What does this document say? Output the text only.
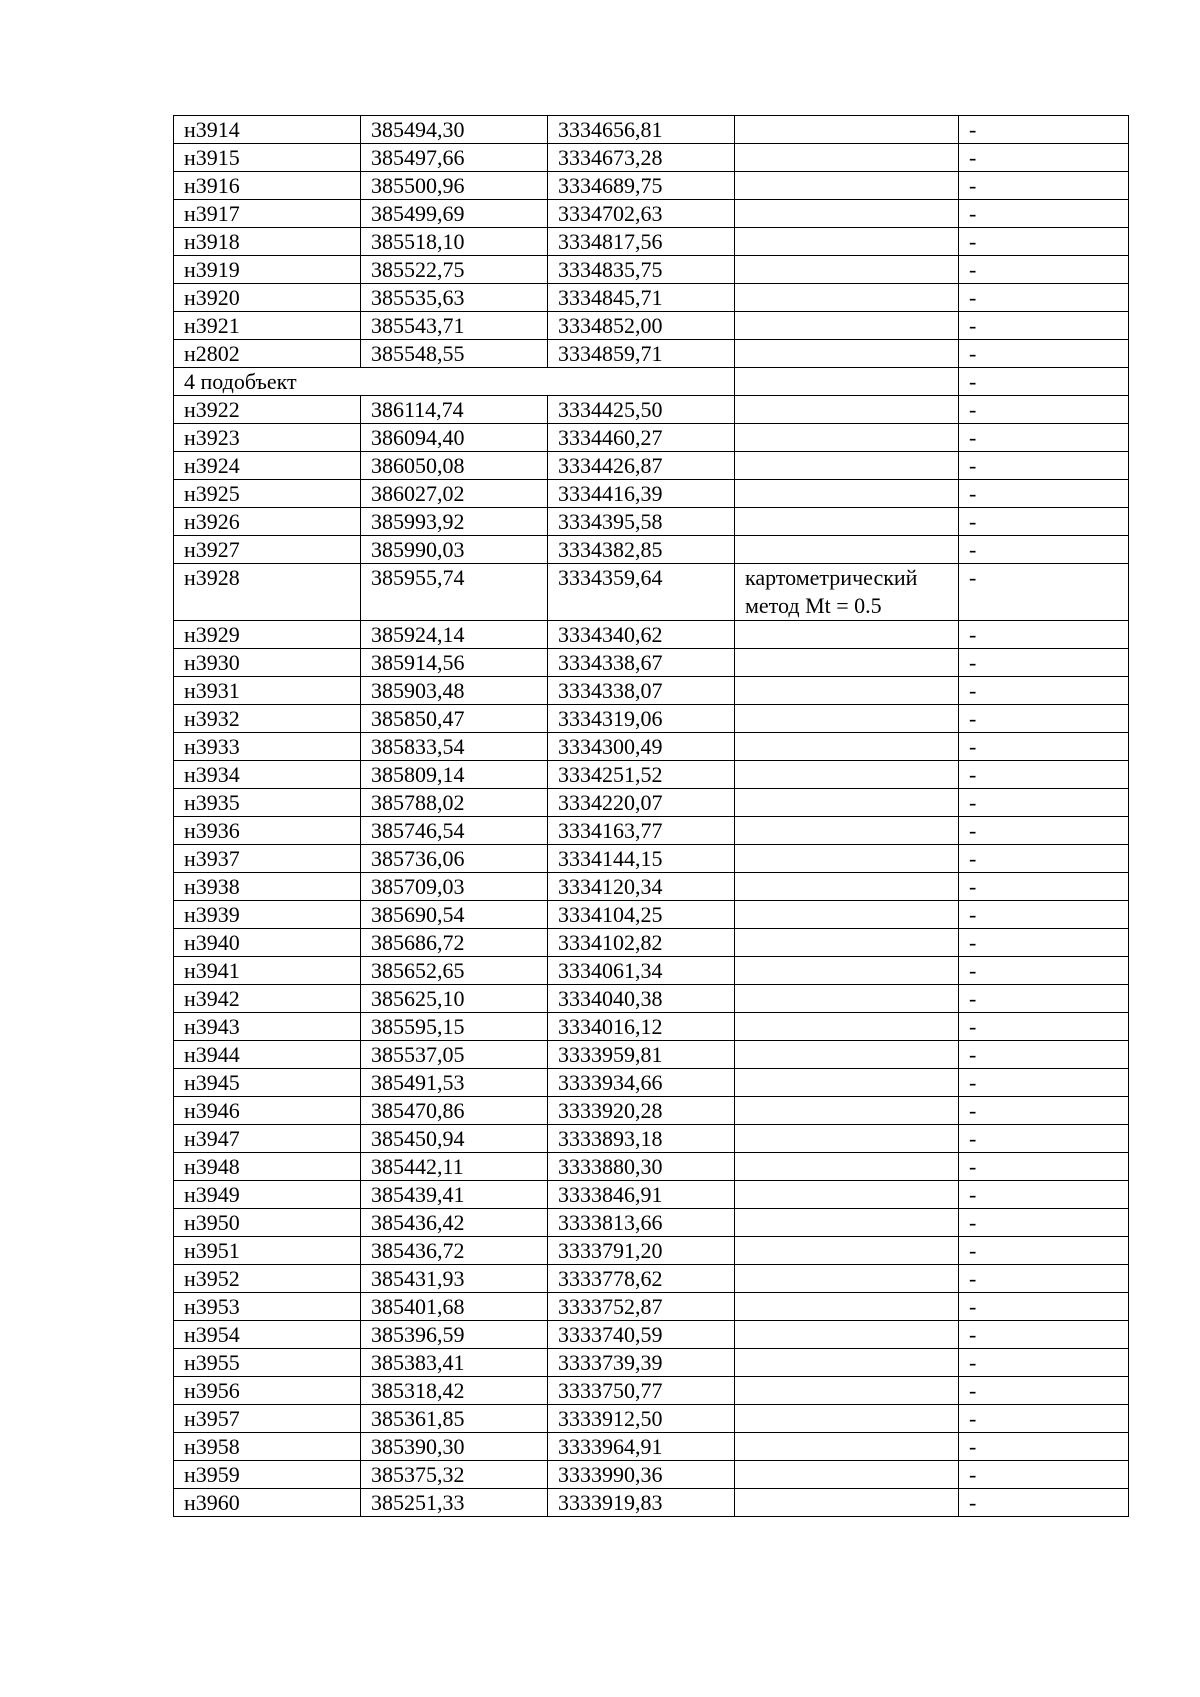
н3914	385494,30	3334656,81		-
н3915	385497,66	3334673,28		-
н3916	385500,96	3334689,75		-
н3917	385499,69	3334702,63		-
н3918	385518,10	3334817,56		-
н3919	385522,75	3334835,75		-
н3920	385535,63	3334845,71		-
н3921	385543,71	3334852,00		-
н2802	385548,55	3334859,71		-
4 подобъект				-
н3922	386114,74	3334425,50		-
н3923	386094,40	3334460,27		-
н3924	386050,08	3334426,87		-
н3925	386027,02	3334416,39		-
н3926	385993,92	3334395,58		-
н3927	385990,03	3334382,85		-
н3928	385955,74	3334359,64	картометрический метод Mt = 0.5	-
н3929	385924,14	3334340,62		-
н3930	385914,56	3334338,67		-
н3931	385903,48	3334338,07		-
н3932	385850,47	3334319,06		-
н3933	385833,54	3334300,49		-
н3934	385809,14	3334251,52		-
н3935	385788,02	3334220,07		-
н3936	385746,54	3334163,77		-
н3937	385736,06	3334144,15		-
н3938	385709,03	3334120,34		-
н3939	385690,54	3334104,25		-
н3940	385686,72	3334102,82		-
н3941	385652,65	3334061,34		-
н3942	385625,10	3334040,38		-
н3943	385595,15	3334016,12		-
н3944	385537,05	3333959,81		-
н3945	385491,53	3333934,66		-
н3946	385470,86	3333920,28		-
н3947	385450,94	3333893,18		-
н3948	385442,11	3333880,30		-
н3949	385439,41	3333846,91		-
н3950	385436,42	3333813,66		-
н3951	385436,72	3333791,20		-
н3952	385431,93	3333778,62		-
н3953	385401,68	3333752,87		-
н3954	385396,59	3333740,59		-
н3955	385383,41	3333739,39		-
н3956	385318,42	3333750,77		-
н3957	385361,85	3333912,50		-
н3958	385390,30	3333964,91		-
н3959	385375,32	3333990,36		-
н3960	385251,33	3333919,83		-
